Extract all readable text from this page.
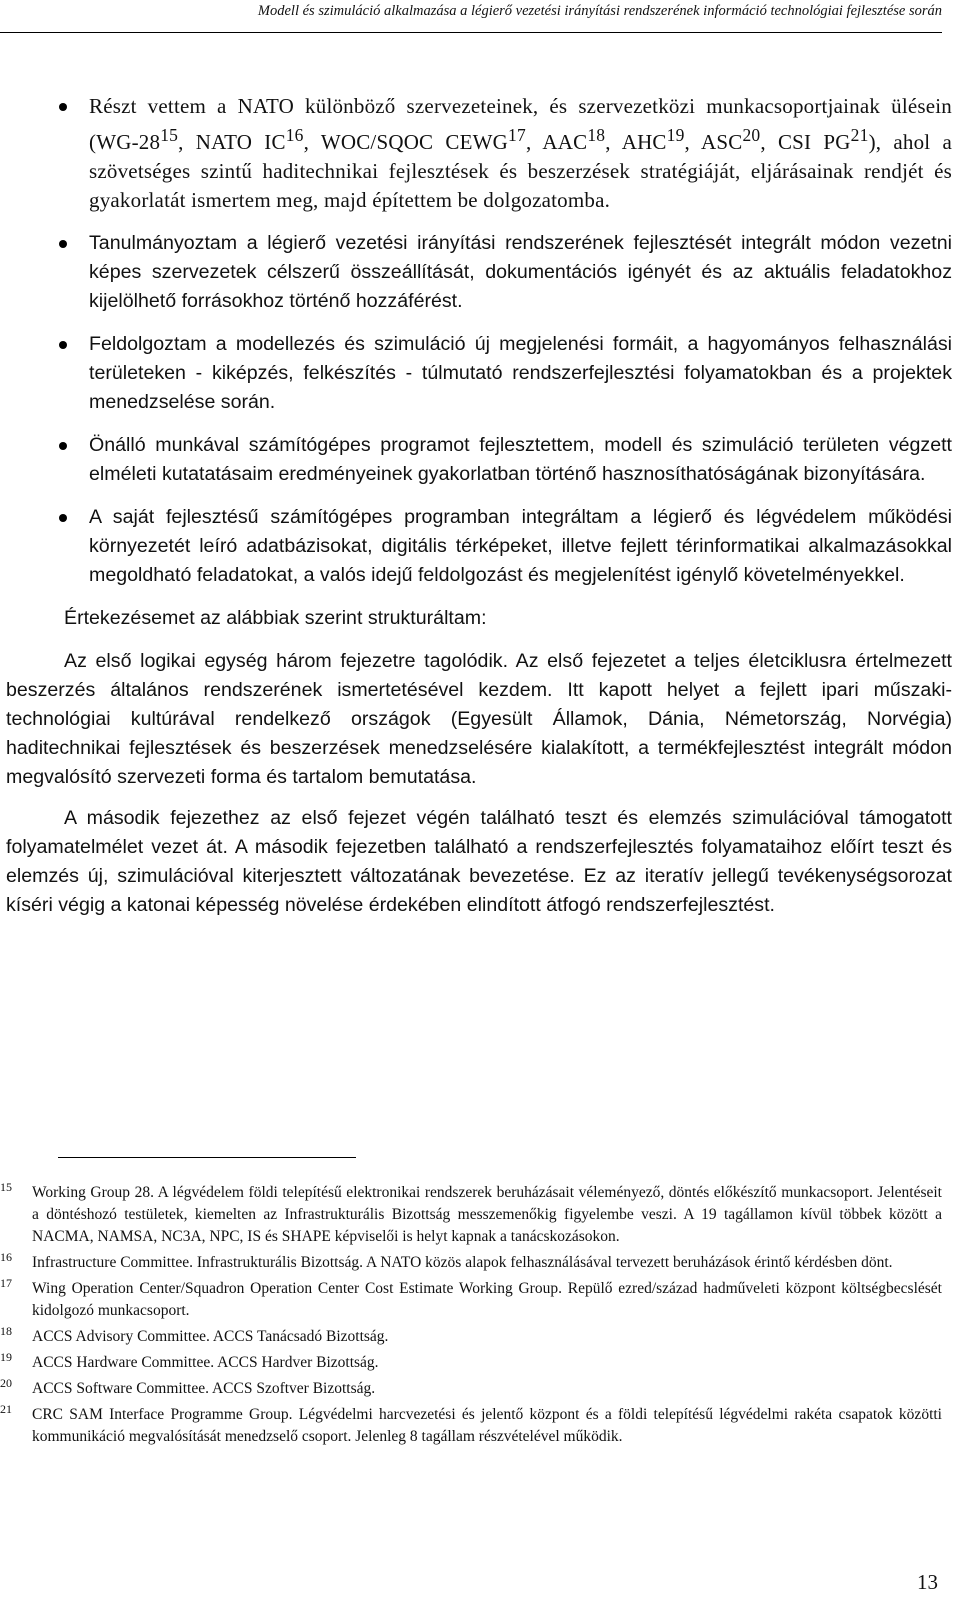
Modell és szimuláció alkalmazása a légierő vezetési irányítási rendszerének információ technológiai fejlesztése során
Részt vettem a NATO különböző szervezeteinek, és szervezetközi munkacsoportjainak ülésein ($WG-28^{15}$, NATO IC$^{16}$, WOC/SQOC CEWG$^{17}$, AAC$^{18}$, AHC$^{19}$, ASC$^{20}$, CSI PG$^{21}$), ahol a szövetséges szintű haditechnikai fejlesztések és beszerzések stratégiáját, eljárásainak rendjét és gyakorlatát ismertem meg, majd építettem be dolgozatomba.
Tanulmányoztam a légierő vezetési irányítási rendszerének fejlesztését integrált módon vezetni képes szervezetek célszerű összeállítását, dokumentációs igényét és az aktuális feladatokhoz kijelölhető forrásokhoz történő hozzáférést.
Feldolgoztam a modellezés és szimuláció új megjelenési formáit, a hagyományos felhasználási területeken - kiképzés, felkészítés - túlmutató rendszerfejlesztési folyamatokban és a projektek menedzselése során.
Önálló munkával számítógépes programot fejlesztettem, modell és szimuláció területen végzett elméleti kutatatásaim eredményeinek gyakorlatban történő hasznosíthatóságának bizonyítására.
A saját fejlesztésű számítógépes programban integráltam a légierő és légvédelem működési környezetét leíró adatbázisokat, digitális térképeket, illetve fejlett térinformatikai alkalmazásokkal megoldható feladatokat, a valós idejű feldolgozást és megjelenítést igénylő követelményekkel.

Értekezésemet az alábbiak szerint strukturáltam:

Az első logikai egység három fejezetre tagolódik. Az első fejezetet a teljes életciklusra értelmezett beszerzés általános rendszerének ismertetésével kezdem. Itt kapott helyet a fejlett ipari műszaki-technológiai kultúrával rendelkező országok (Egyesült Államok, Dánia, Németország, Norvégia) haditechnikai fejlesztések és beszerzések menedzselésére kialakított, a termékfejlesztést integrált módon megvalósító szervezeti forma és tartalom bemutatása.

A második fejezethez az első fejezet végén található teszt és elemzés szimulációval támogatott folyamatelmélet vezet át. A második fejezetben található a rendszerfejlesztés folyamataihoz előírt teszt és elemzés új, szimulációval kiterjesztett változatának bevezetése. Ez az iteratív jellegű tevékenységsorozat kíséri végig a katonai képesség növelése érdekében elindított átfogó rendszerfejlesztést.

15 Working Group 28. A légvédelem földi telepítésű elektronikai rendszerek beruházásait véleményező, döntés előkészítő munkacsoport. Jelentéseit a döntéshozó testületek, kiemelten az Infrastrukturális Bizottság messzemenőkig figyelembe veszi. A 19 tagállamon kívül többek között a NACMA, NAMSA, NC3A, NPC, IS és SHAPE képviselői is helyt kapnak a tanácskozásokon.
16 Infrastructure Committee. Infrastrukturális Bizottság. A NATO közös alapok felhasználásával tervezett beruházások érintő kérdésben dönt.
17 Wing Operation Center/Squadron Operation Center Cost Estimate Working Group. Repülő ezred/század hadműveleti központ költségbecslését kidolgozó munkacsoport.
18 ACCS Advisory Committee. ACCS Tanácsadó Bizottság.
19 ACCS Hardware Committee. ACCS Hardver Bizottság.
20 ACCS Software Committee. ACCS Szoftver Bizottság.
21 CRC SAM Interface Programme Group. Légvédelmi harcvezetési és jelentő központ és a földi telepítésű légvédelmi rakéta csapatok közötti kommunikáció megvalósítását menedzselő csoport. Jelenleg 8 tagállam részvételével működik.
13
